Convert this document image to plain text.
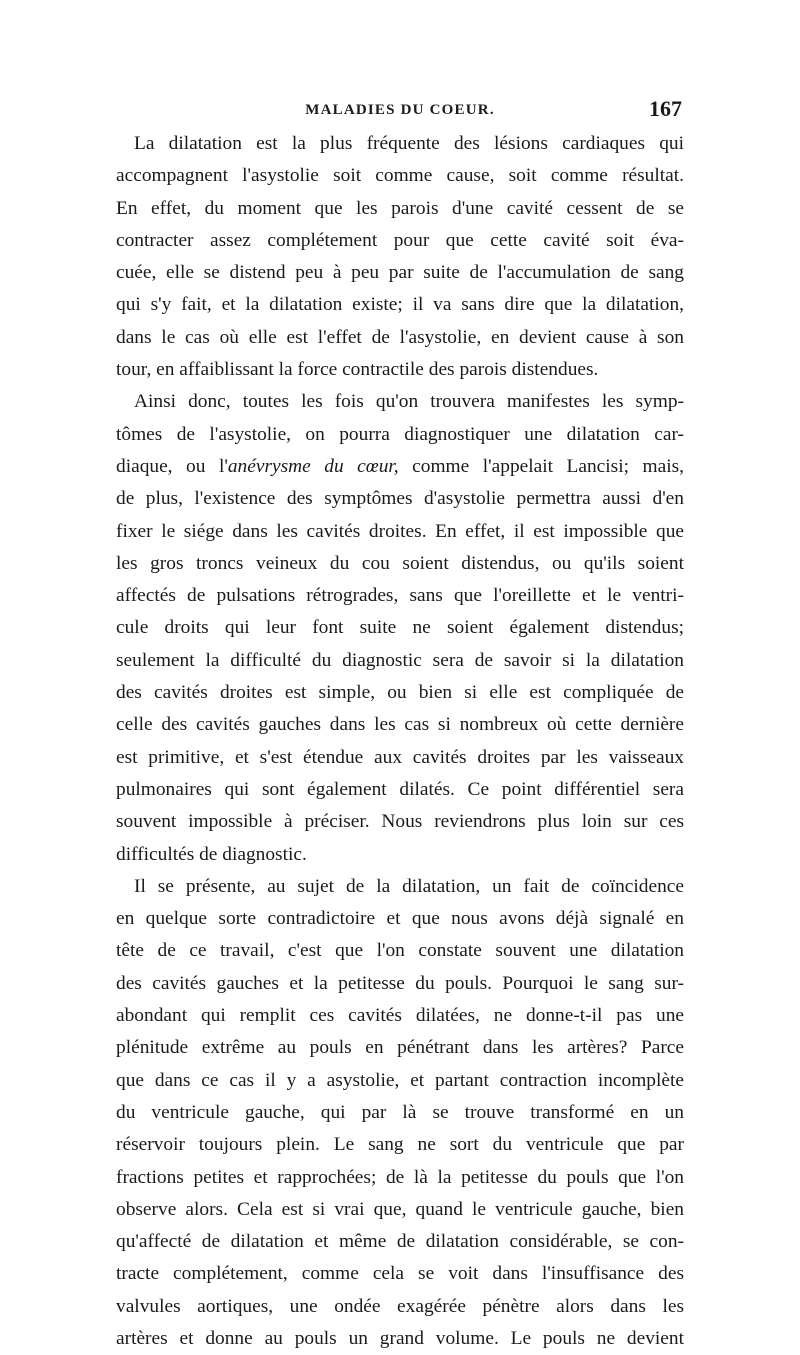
MALADIES DU COEUR.	167
La dilatation est la plus fréquente des lésions cardiaques qui
accompagnent l'asystolie soit comme cause, soit comme résultat.
En effet, du moment que les parois d'une cavité cessent de se
contracter assez complétement pour que cette cavité soit éva-
cuée, elle se distend peu à peu par suite de l'accumulation de sang
qui s'y fait, et la dilatation existe; il va sans dire que la dilatation,
dans le cas où elle est l'effet de l'asystolie, en devient cause à son
tour, en affaiblissant la force contractile des parois distendues.
Ainsi donc, toutes les fois qu'on trouvera manifestes les symp-
tômes de l'asystolie, on pourra diagnostiquer une dilatation car-
diaque, ou l'anévrysme du cœur, comme l'appelait Lancisi; mais,
de plus, l'existence des symptômes d'asystolie permettra aussi d'en
fixer le siége dans les cavités droites. En effet, il est impossible que
les gros troncs veineux du cou soient distendus, ou qu'ils soient
affectés de pulsations rétrogrades, sans que l'oreillette et le ventri-
cule droits qui leur font suite ne soient également distendus;
seulement la difficulté du diagnostic sera de savoir si la dilatation
des cavités droites est simple, ou bien si elle est compliquée de
celle des cavités gauches dans les cas si nombreux où cette dernière
est primitive, et s'est étendue aux cavités droites par les vaisseaux
pulmonaires qui sont également dilatés. Ce point différentiel sera
souvent impossible à préciser. Nous reviendrons plus loin sur ces
difficultés de diagnostic.
Il se présente, au sujet de la dilatation, un fait de coïncidence
en quelque sorte contradictoire et que nous avons déjà signalé en
tête de ce travail, c'est que l'on constate souvent une dilatation
des cavités gauches et la petitesse du pouls. Pourquoi le sang sur-
abondant qui remplit ces cavités dilatées, ne donne-t-il pas une
plénitude extrême au pouls en pénétrant dans les artères? Parce
que dans ce cas il y a asystolie, et partant contraction incomplète
du ventricule gauche, qui par là se trouve transformé en un
réservoir toujours plein. Le sang ne sort du ventricule que par
fractions petites et rapprochées; de là la petitesse du pouls que l'on
observe alors. Cela est si vrai que, quand le ventricule gauche, bien
qu'affecté de dilatation et même de dilatation considérable, se con-
tracte complétement, comme cela se voit dans l'insuffisance des
valvules aortiques, une ondée exagérée pénètre alors dans les
artères et donne au pouls un grand volume. Le pouls ne devient
